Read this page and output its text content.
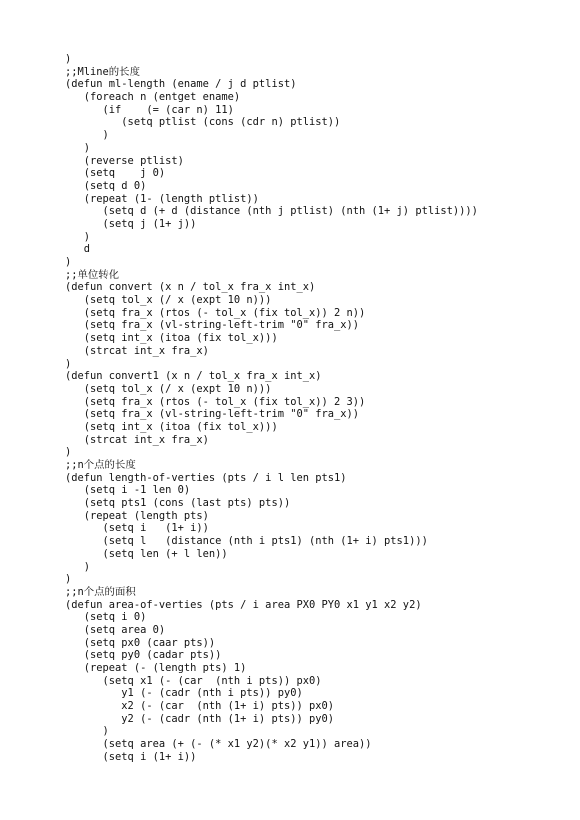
)
;;Mline的长度
(defun ml-length (ename / j d ptlist)
(foreach n (entget ename)
(if    (= (car n) 11)
(setq ptlist (cons (cdr n) ptlist))
)
)
(reverse ptlist)
(setq    j 0)
(setq d 0)
(repeat (1- (length ptlist))
(setq d (+ d (distance (nth j ptlist) (nth (1+ j) ptlist))))
(setq j (1+ j))
)
d
)
;;单位转化
(defun convert (x n / tol_x fra_x int_x)
(setq tol_x (/ x (expt 10 n)))
(setq fra_x (rtos (- tol_x (fix tol_x)) 2 n))
(setq fra_x (vl-string-left-trim "0" fra_x))
(setq int_x (itoa (fix tol_x)))
(strcat int_x fra_x)
)
(defun convert1 (x n / tol_x fra_x int_x)
(setq tol_x (/ x (expt 10 n)))
(setq fra_x (rtos (- tol_x (fix tol_x)) 2 3))
(setq fra_x (vl-string-left-trim "0" fra_x))
(setq int_x (itoa (fix tol_x)))
(strcat int_x fra_x)
)
;;n个点的长度
(defun length-of-verties (pts / i l len pts1)
(setq i -1 len 0)
(setq pts1 (cons (last pts) pts))
(repeat (length pts)
(setq i   (1+ i))
(setq l   (distance (nth i pts1) (nth (1+ i) pts1)))
(setq len (+ l len))
)
)
;;n个点的面积
(defun area-of-verties (pts / i area PX0 PY0 x1 y1 x2 y2)
(setq i 0)
(setq area 0)
(setq px0 (caar pts))
(setq py0 (cadar pts))
(repeat (- (length pts) 1)
(setq x1 (- (car  (nth i pts)) px0)
y1 (- (cadr (nth i pts)) py0)
x2 (- (car  (nth (1+ i) pts)) px0)
y2 (- (cadr (nth (1+ i) pts)) py0)
)
(setq area (+ (- (* x1 y2)(* x2 y1)) area))
(setq i (1+ i))
